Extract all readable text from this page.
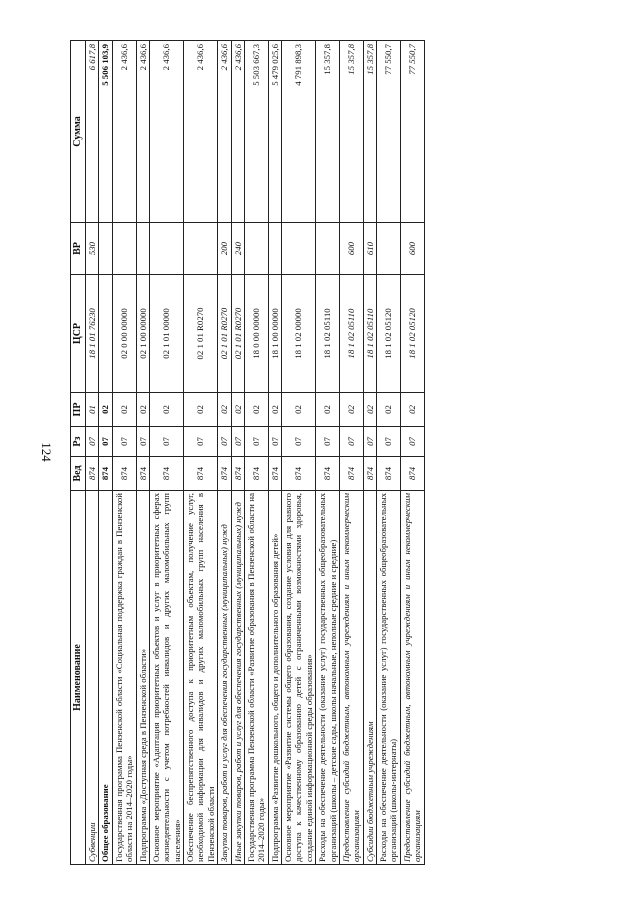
124
Наименование	Вед	Рз	ПР	ЦСР	ВР	Сумма
Субвенции	874	07	01	18 1 01 76230	530	6 617,8
Общее образование	874	07	02			5 506 103,9
Государственная программа Пензенской области «Социальная поддержка граждан в Пензенской области на 2014–2020 годы»	874	07	02	02 0 00 00000		2 436,6
Подпрограмма «Доступная среда в Пензенской области»	874	07	02	02 1 00 00000		2 436,6
Основное мероприятие «Адаптация приоритетных объектов и услуг в приоритетных сферах жизнедеятельности с учетом потребностей инвалидов и других маломобильных групп населения»	874	07	02	02 1 01 00000		2 436,6
Обеспечение беспрепятственного доступа к приоритетным объектам, получение услуг, необходимой информации для инвалидов и других маломобильных групп населения в Пензенской области	874	07	02	02 1 01 R0270		2 436,6
Закупка товаров, работ и услуг для обеспечения государственных (муниципальных) нужд	874	07	02	02 1 01 R0270	200	2 436,6
Иные закупки товаров, работ и услуг для обеспечения государственных (муниципальных) нужд	874	07	02	02 1 01 R0270	240	2 436,6
Государственная программа Пензенской области «Развитие образования в Пензенской области на 2014–2020 годы»	874	07	02	18 0 00 00000		5 503 667,3
Подпрограмма «Развитие дошкольного, общего и дополнительного образования детей»	874	07	02	18 1 00 00000		5 479 025,6
Основное мероприятие «Развитие системы общего образования, создание условия для равного доступа к качественному образованию детей с ограниченными возможностями здоровья, создание единой информационной среды образования»	874	07	02	18 1 02 00000		4 791 898,3
Расходы на обеспечение деятельности (оказание услуг) государственных общеобразовательных организаций (школы – детские сады, школы начальные, неполные средние и средние)	874	07	02	18 1 02 05110		15 357,8
Предоставление субсидий бюджетным, автономным учреждениям и иным некоммерческим организациям	874	07	02	18 1 02 05110	600	15 357,8
Субсидии бюджетным учреждениям	874	07	02	18 1 02 05110	610	15 357,8
Расходы на обеспечение деятельности (оказание услуг) государственных общеобразовательных организаций (школы-интернаты)	874	07	02	18 1 02 05120		77 550,7
Предоставление субсидий бюджетным, автономным учреждениям и иным некоммерческим организациям	874	07	02	18 1 02 05120	600	77 550,7
